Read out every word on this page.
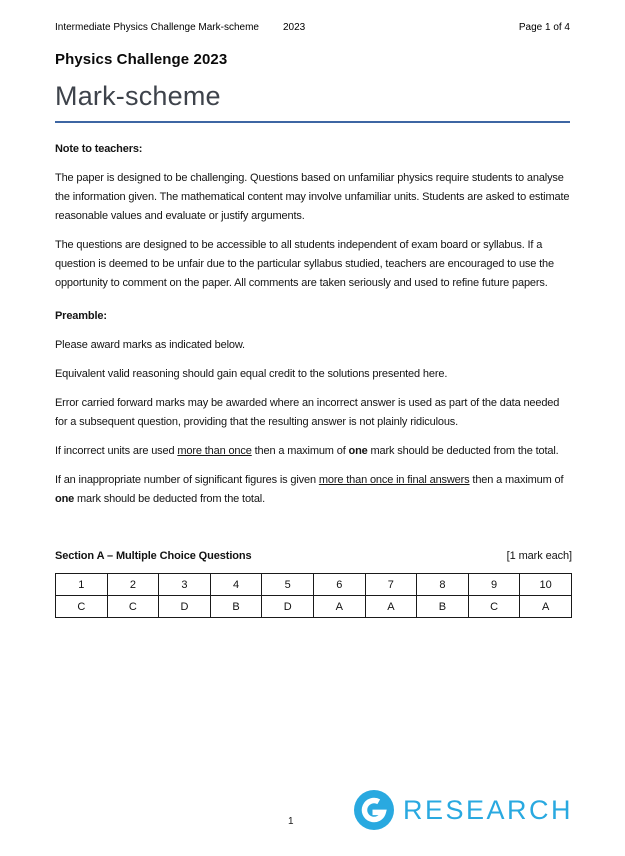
Intermediate Physics Challenge Mark-scheme 2023	Page 1 of 4
Physics Challenge 2023
Mark-scheme

Note to teachers:

The paper is designed to be challenging. Questions based on unfamiliar physics require students to analyse the information given. The mathematical content may involve unfamiliar units. Students are asked to estimate reasonable values and evaluate or justify arguments.

The questions are designed to be accessible to all students independent of exam board or syllabus. If a question is deemed to be unfair due to the particular syllabus studied, teachers are encouraged to use the opportunity to comment on the paper. All comments are taken seriously and used to refine future papers.

Preamble:

Please award marks as indicated below.

Equivalent valid reasoning should gain equal credit to the solutions presented here.

Error carried forward marks may be awarded where an incorrect answer is used as part of the data needed for a subsequent question, providing that the resulting answer is not plainly ridiculous.

If incorrect units are used more than once then a maximum of one mark should be deducted from the total.

If an inappropriate number of significant figures is given more than once in final answers then a maximum of one mark should be deducted from the total.

Section A – Multiple Choice Questions	[1 mark each]
1	2	3	4	5	6	7	8	9	10
C	C	D	B	D	A	A	B	C	A
1	RESEARCH
